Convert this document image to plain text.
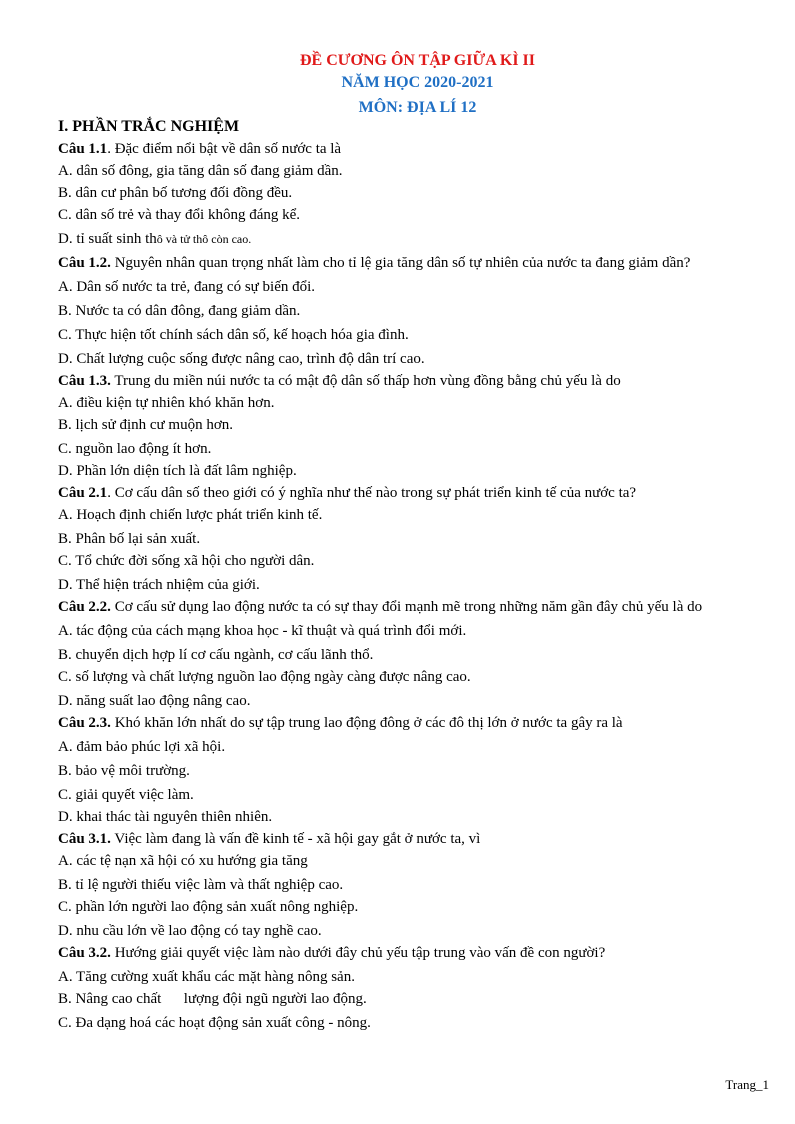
ĐỀ CƯƠNG ÔN TẬP GIỮA KÌ II
NĂM HỌC 2020-2021
MÔN: ĐỊA LÍ 12
I. PHẦN TRẮC NGHIỆM
Câu 1.1. Đặc điểm nổi bật về dân số nước ta là
A. dân số đông, gia tăng dân số đang giảm dần.
B. dân cư phân bố tương đối đồng đều.
C. dân số trẻ và thay đổi không đáng kể.
D. tỉ suất sinh thô và tử thô còn cao.
Câu 1.2. Nguyên nhân quan trọng nhất làm cho tỉ lệ gia tăng dân số tự nhiên của nước ta đang giảm dần?
A. Dân số nước ta trẻ, đang có sự biến đổi.
B. Nước ta có dân đông, đang giảm dần.
C. Thực hiện tốt chính sách dân số, kế hoạch hóa gia đình.
D. Chất lượng cuộc sống được nâng cao, trình độ dân trí cao.
Câu 1.3. Trung du miền núi nước ta có mật độ dân số thấp hơn vùng đồng bằng chủ yếu là do
A. điều kiện tự nhiên khó khăn hơn.
B. lịch sử định cư muộn hơn.
C. nguồn lao động ít hơn.
D. Phần lớn diện tích là đất lâm nghiệp.
Câu 2.1. Cơ cấu dân số theo giới có ý nghĩa như thế nào trong sự phát triển kinh tế của nước ta?
A. Hoạch định chiến lược phát triển kinh tế.
B. Phân bố lại sản xuất.
C. Tổ chức đời sống xã hội cho người dân.
D. Thể hiện trách nhiệm của giới.
Câu 2.2. Cơ cấu sử dụng lao động nước ta có sự thay đổi mạnh mẽ trong những năm gần đây chủ yếu là do
A. tác động của cách mạng khoa học - kĩ thuật và quá trình đổi mới.
B. chuyển dịch hợp lí cơ cấu ngành, cơ cấu lãnh thổ.
C. số lượng và chất lượng nguồn lao động ngày càng được nâng cao.
D. năng suất lao động nâng cao.
Câu 2.3. Khó khăn lớn nhất do sự tập trung lao động đông ở các đô thị lớn ở nước ta gây ra là
A. đảm bảo phúc lợi xã hội.
B. bảo vệ môi trường.
C. giải quyết việc làm.
D. khai thác tài nguyên thiên nhiên.
Câu 3.1. Việc làm đang là vấn đề kinh tế - xã hội gay gắt ở nước ta, vì
A. các tệ nạn xã hội có xu hướng gia tăng
B. tỉ lệ người thiếu việc làm và thất nghiệp cao.
C. phần lớn người lao động sản xuất nông nghiệp.
D. nhu cầu lớn về lao động có tay nghề cao.
Câu 3.2. Hướng giải quyết việc làm nào dưới đây chủ yếu tập trung vào vấn đề con người?
A. Tăng cường xuất khẩu các mặt hàng nông sản.
B. Nâng cao chất      lượng đội ngũ người lao động.
C. Đa dạng hoá các hoạt động sản xuất công - nông.
Trang_1
